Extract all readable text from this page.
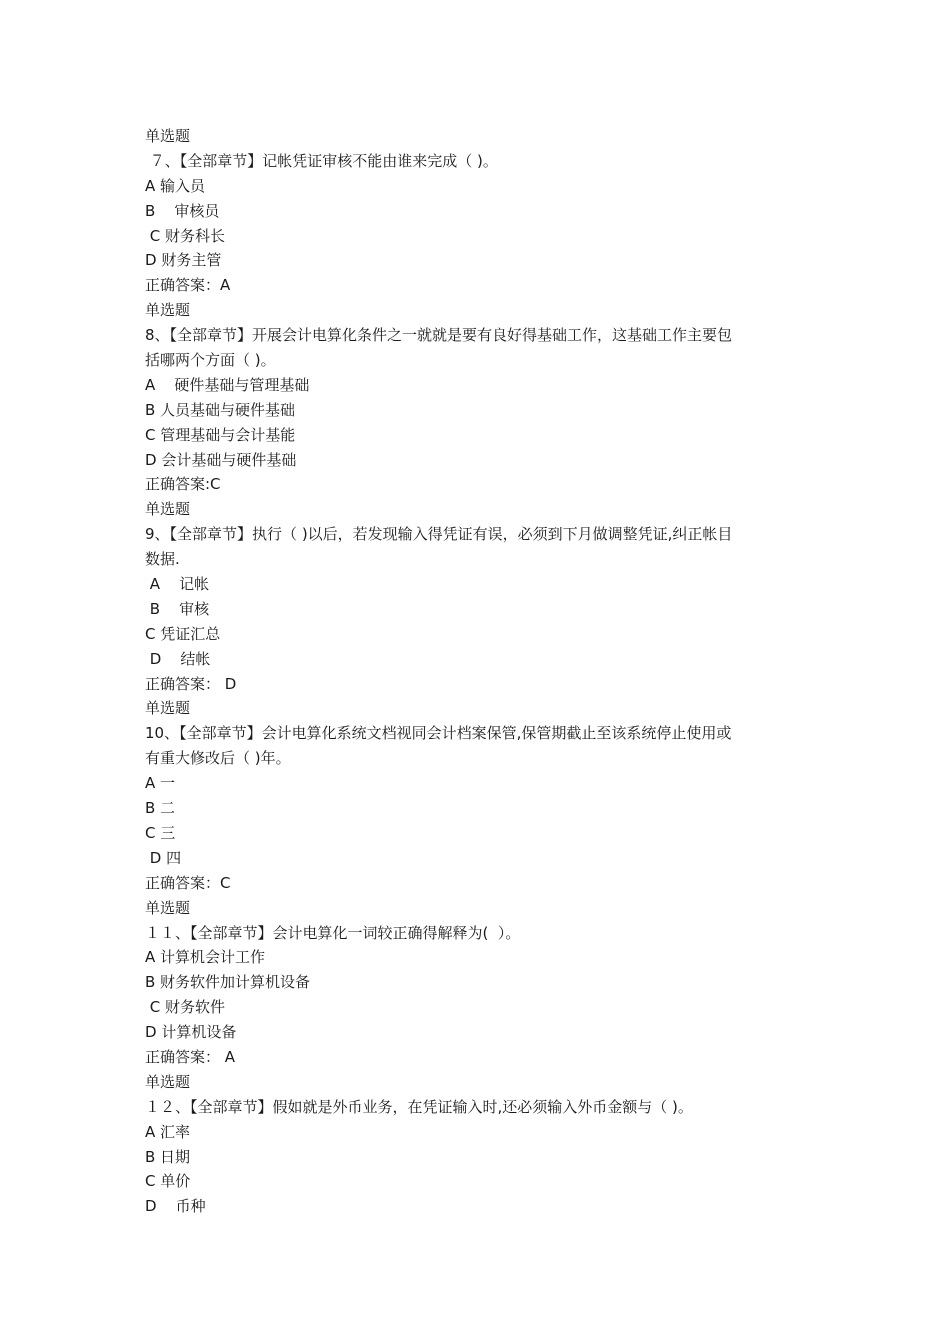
单选题
７、【全部章节】记帐凭证审核不能由谁来完成（ )。
A 输入员
B    审核员
C 财务科长
D 财务主管
正确答案：A
单选题
8、【全部章节】开展会计电算化条件之一就就是要有良好得基础工作，这基础工作主要包
括哪两个方面（ )。
A    硬件基础与管理基础
B 人员基础与硬件基础
C 管理基础与会计基能
D 会计基础与硬件基础
正确答案:C
单选题
9、【全部章节】执行（ )以后，若发现输入得凭证有误，必须到下月做调整凭证,纠正帐目
数据.
A    记帐
B    审核
C 凭证汇总
D    结帐
正确答案： D
单选题
10、【全部章节】会计电算化系统文档视同会计档案保管,保管期截止至该系统停止使用或
有重大修改后（ )年。
A 一
B 二
C 三
D 四
正确答案：C
单选题
１１、【全部章节】会计电算化一词较正确得解释为(  ）。
A 计算机会计工作
B 财务软件加计算机设备
C 财务软件
D 计算机设备
正确答案： A
单选题
１２、【全部章节】假如就是外币业务，在凭证输入时,还必须输入外币金额与（ )。
A 汇率
B 日期
C 单价
D    币种
